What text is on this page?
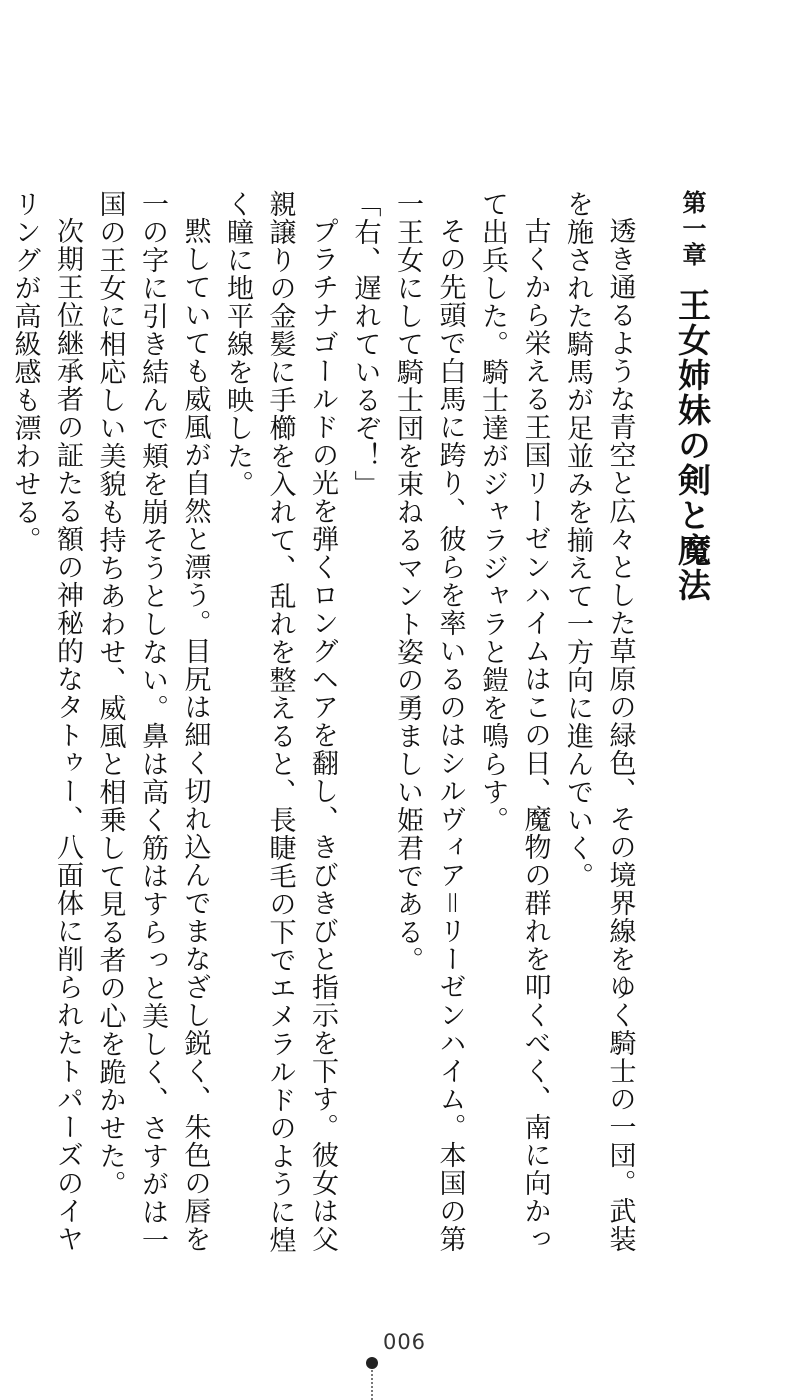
第一章王女姉妹の剣と魔法

透き通るような青空と広々とした草原の緑色、その境界線をゆく騎士の一団。武装を施された騎馬が足並みを揃えて一方向に進んでいく。

古くから栄える王国リーゼンハイムはこの日、魔物の群れを叩くべく、南に向かって出兵した。騎士達がジャラジャラと鎧を鳴らす。

その先頭で白馬に跨り、彼らを率いるのはシルヴィア＝リーゼンハイム。本国の第一王女にして騎士団を束ねるマント姿の勇ましい姫君である。

「右、遅れているぞ！」

プラチナゴールドの光を弾くロングヘアを翻し、きびきびと指示を下す。彼女は父親譲りの金髪に手櫛を入れて、乱れを整えると、長睫毛の下でエメラルドのように煌く瞳に地平線を映した。

黙していても威風が自然と漂う。目尻は細く切れ込んでまなざし鋭く、朱色の唇を一の字に引き結んで頬を崩そうとしない。鼻は高く筋はすらっと美しく、さすがは一国の王女に相応しい美貌も持ちあわせ、威風と相乗して見る者の心を跪かせた。

次期王位継承者の証たる額の神秘的なタトゥー、八面体に削られたトパーズのイヤリングが高級感も漂わせる。

006
